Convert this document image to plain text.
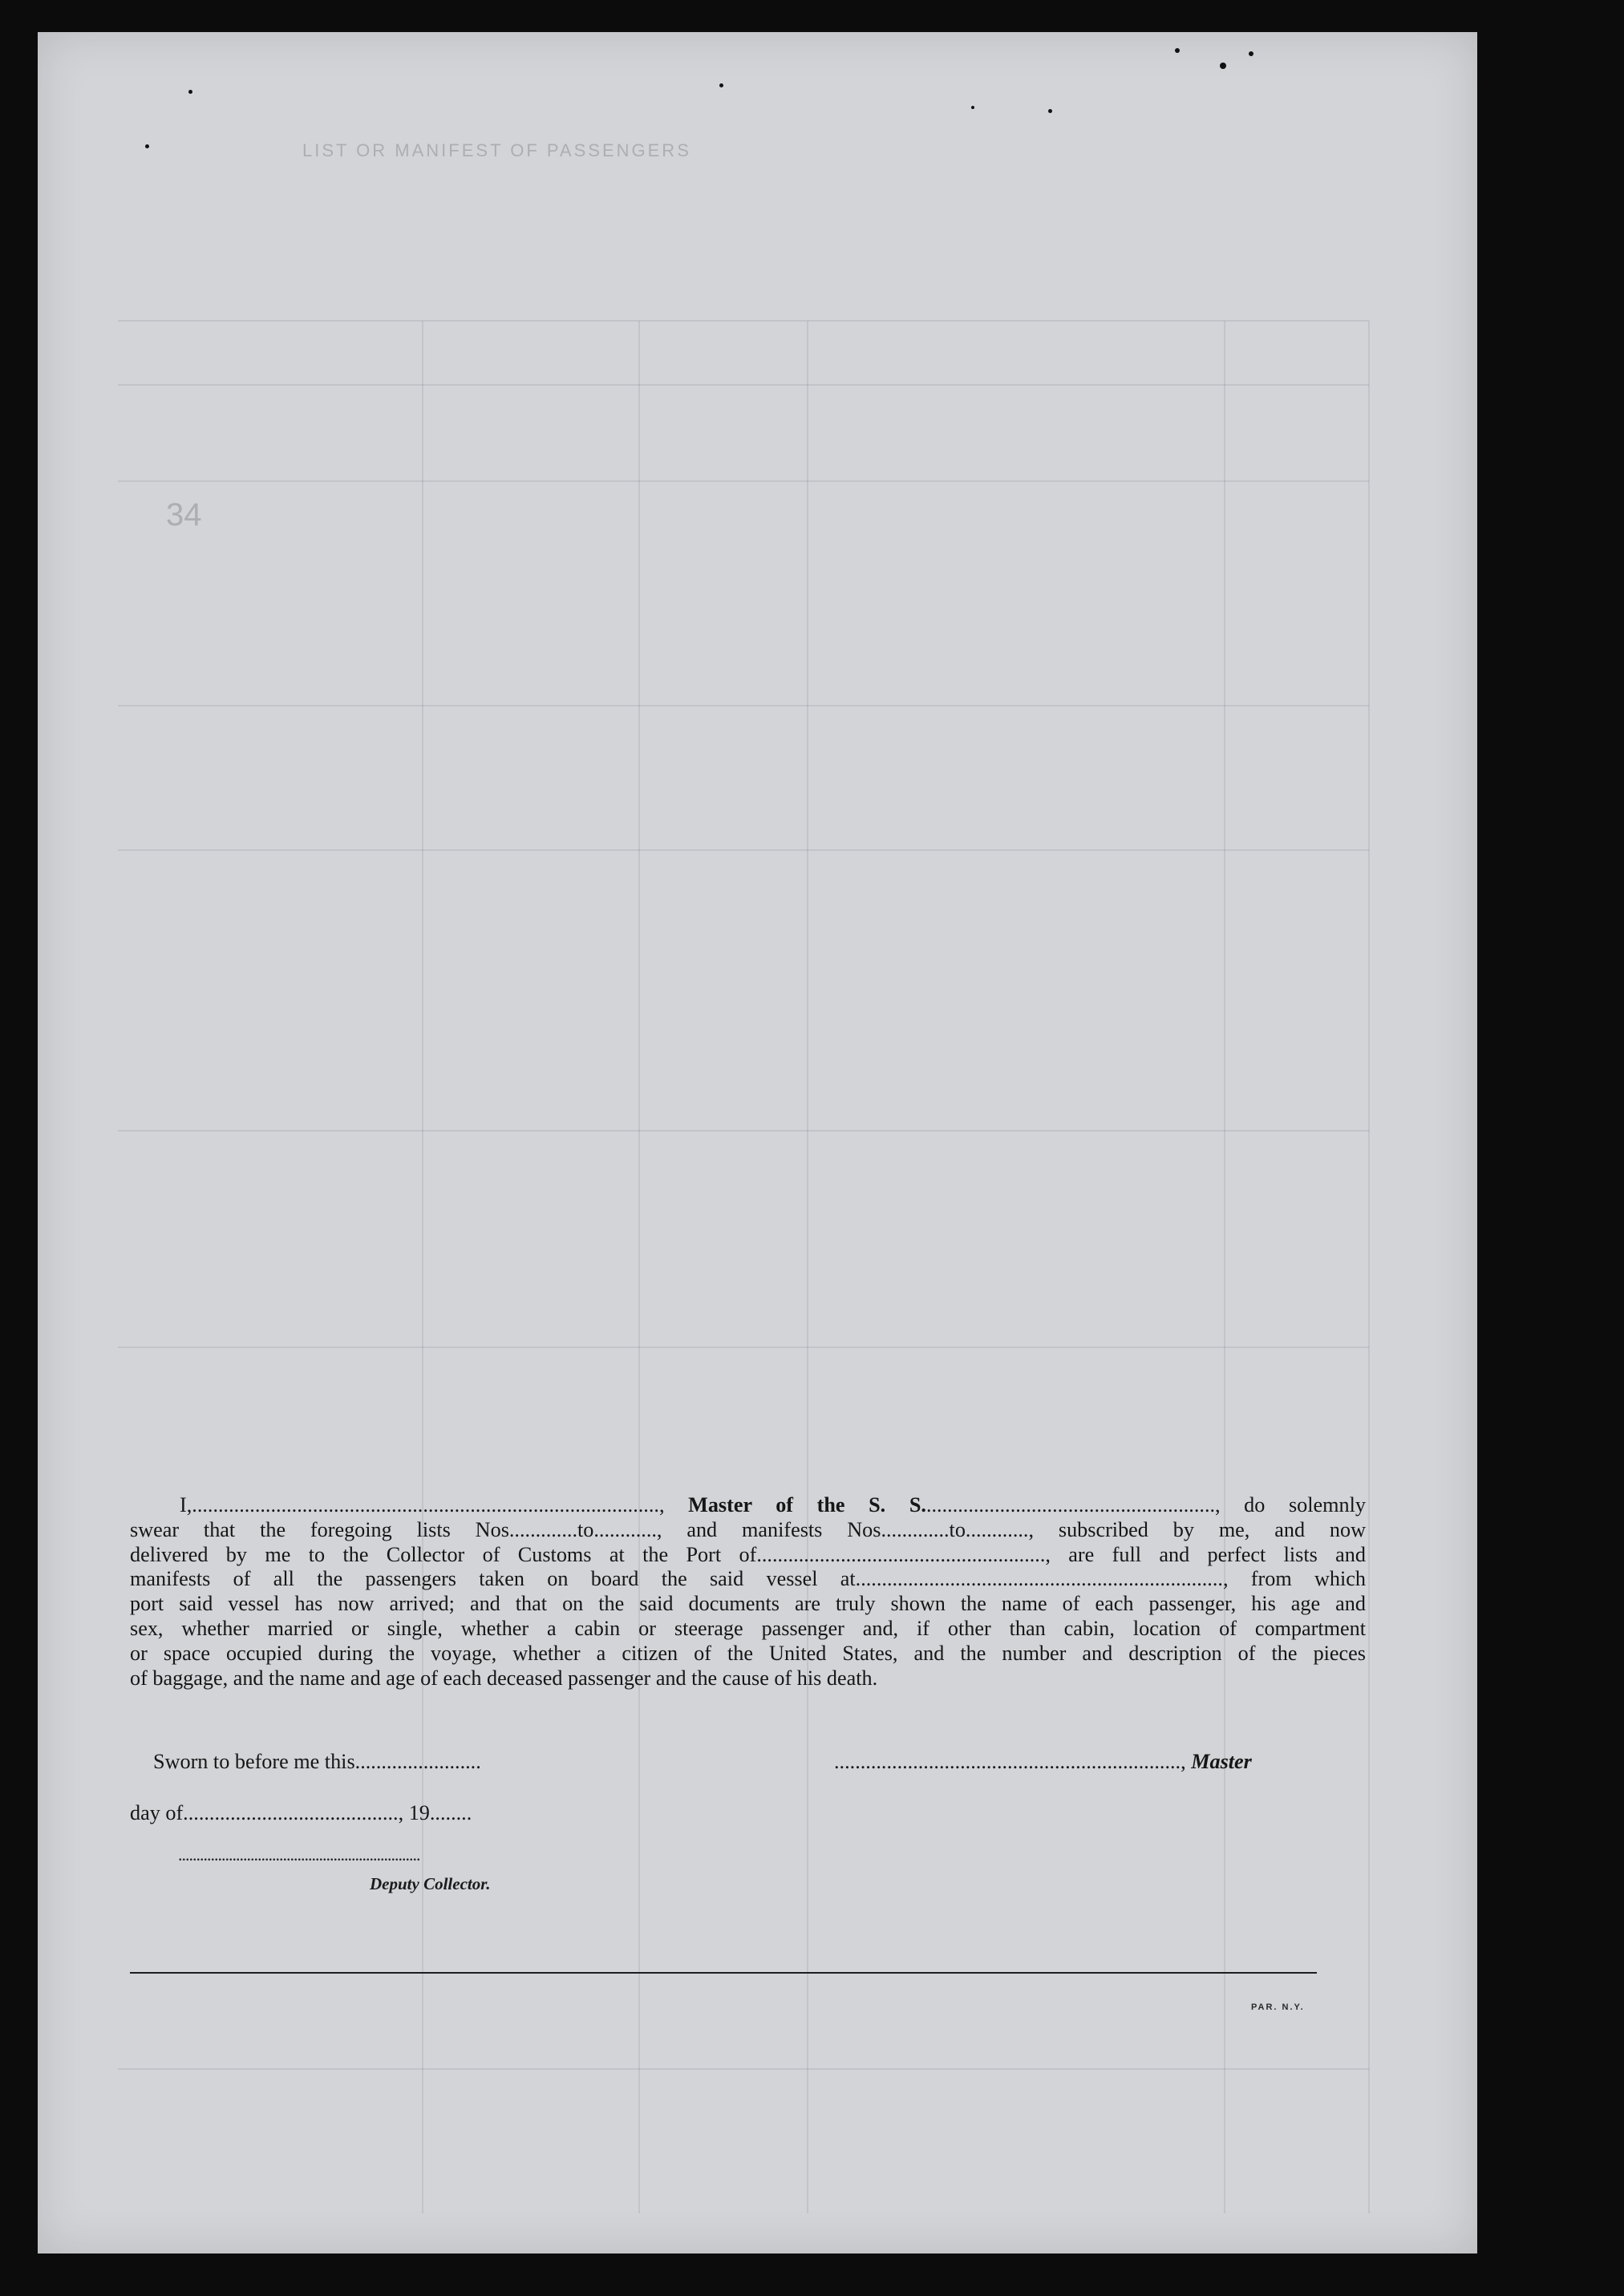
LIST OR MANIFEST OF PASSENGERS
34
I,........................................................................................., Master of the S. S........................................................, do solemnly
swear that the foregoing lists Nos.............to............, and manifests Nos.............to............, subscribed by me, and now
delivered by me to the Collector of Customs at the Port of......................................................., are full and perfect lists and
manifests of all the passengers taken on board the said vessel at......................................................................, from which
port said vessel has now arrived; and that on the said documents are truly shown the name of each passenger, his age and
sex, whether married or single, whether a cabin or steerage passenger and, if other than cabin, location of compartment
or space occupied during the voyage, whether a citizen of the United States, and the number and description of the pieces
of baggage, and the name and age of each deceased passenger and the cause of his death.
Sworn to before me this........................	.................................................................., Master
day of........................................., 19........
...................................................................
Deputy Collector.
PAR. N.Y.
